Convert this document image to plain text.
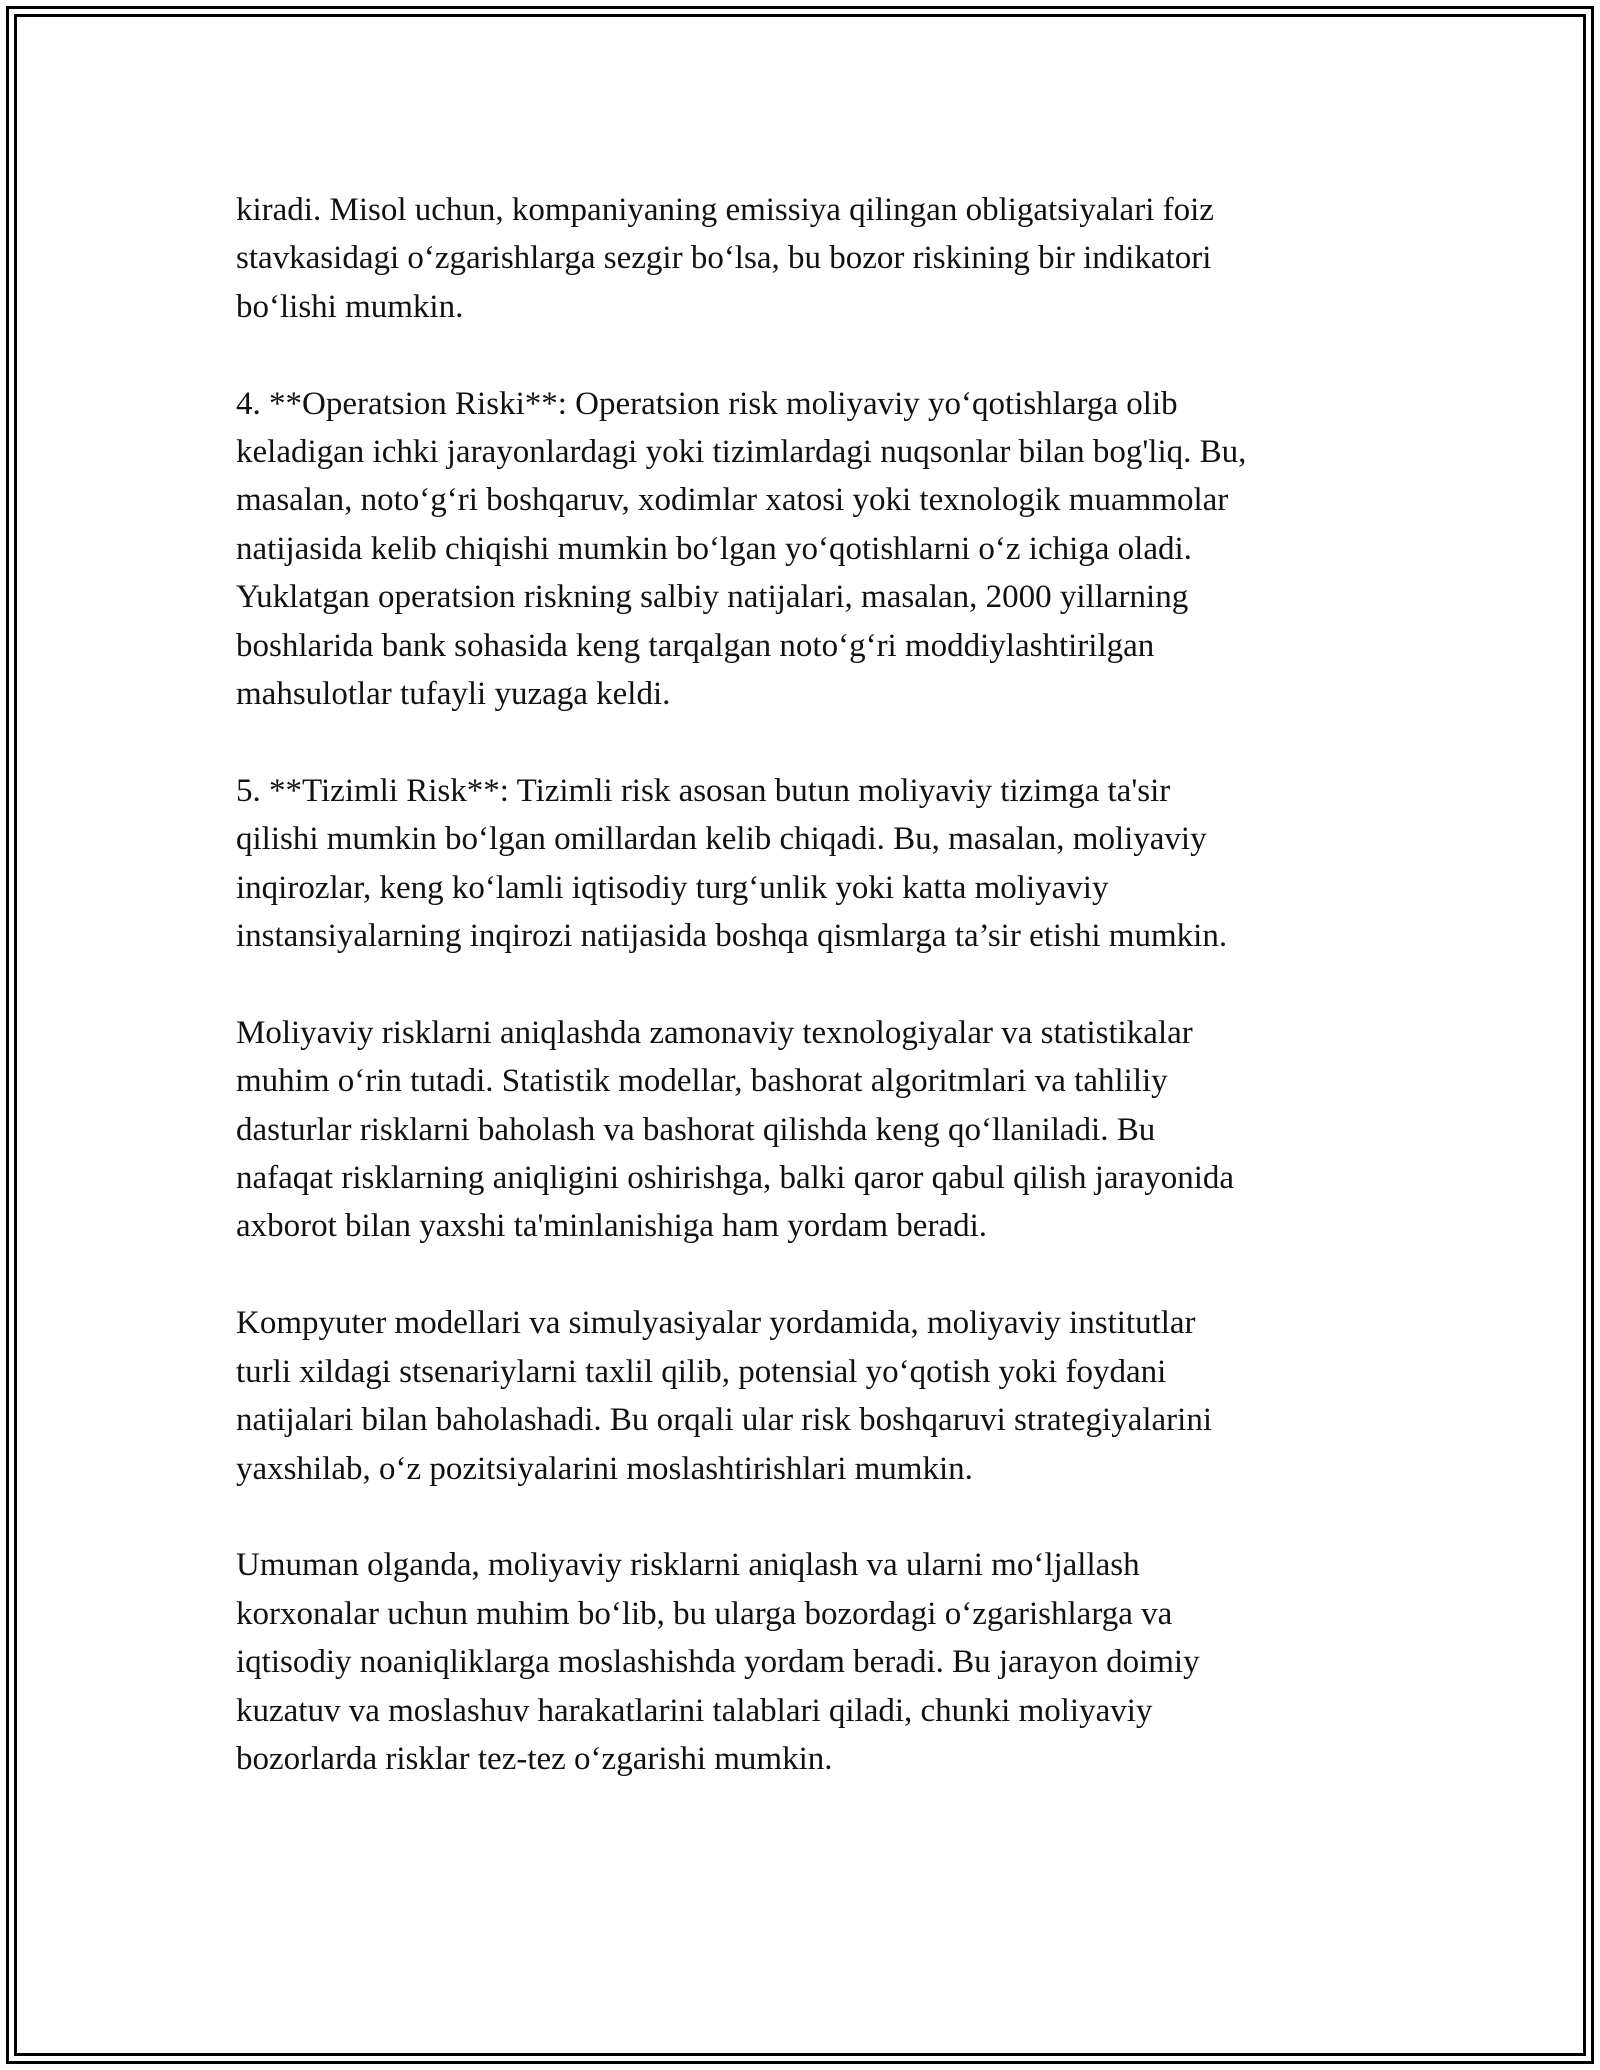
kiradi. Misol uchun, kompaniyaning emissiya qilingan obligatsiyalari foiz
stavkasidagi o‘zgarishlarga sezgir bo‘lsa, bu bozor riskining bir indikatori
bo‘lishi mumkin.

4. **Operatsion Riski**: Operatsion risk moliyaviy yo‘qotishlarga olib
keladigan ichki jarayonlardagi yoki tizimlardagi nuqsonlar bilan bog'liq. Bu,
masalan, noto‘g‘ri boshqaruv, xodimlar xatosi yoki texnologik muammolar
natijasida kelib chiqishi mumkin bo‘lgan yo‘qotishlarni o‘z ichiga oladi.
Yuklatgan operatsion riskning salbiy natijalari, masalan, 2000 yillarning
boshlarida bank sohasida keng tarqalgan noto‘g‘ri moddiylashtirilgan
mahsulotlar tufayli yuzaga keldi.

5. **Tizimli Risk**: Tizimli risk asosan butun moliyaviy tizimga ta'sir
qilishi mumkin bo‘lgan omillardan kelib chiqadi. Bu, masalan, moliyaviy
inqirozlar, keng ko‘lamli iqtisodiy turg‘unlik yoki katta moliyaviy
instansiyalarning inqirozi natijasida boshqa qismlarga ta’sir etishi mumkin.

Moliyaviy risklarni aniqlashda zamonaviy texnologiyalar va statistikalar
muhim o‘rin tutadi. Statistik modellar, bashorat algoritmlari va tahliliy
dasturlar risklarni baholash va bashorat qilishda keng qo‘llaniladi. Bu
nafaqat risklarning aniqligini oshirishga, balki qaror qabul qilish jarayonida
axborot bilan yaxshi ta'minlanishiga ham yordam beradi.

Kompyuter modellari va simulyasiyalar yordamida, moliyaviy institutlar
turli xildagi stsenariylarni taxlil qilib, potensial yo‘qotish yoki foydani
natijalari bilan baholashadi. Bu orqali ular risk boshqaruvi strategiyalarini
yaxshilab, o‘z pozitsiyalarini moslashtirishlari mumkin.

Umuman olganda, moliyaviy risklarni aniqlash va ularni mo‘ljallash
korxonalar uchun muhim bo‘lib, bu ularga bozordagi o‘zgarishlarga va
iqtisodiy noaniqliklarga moslashishda yordam beradi. Bu jarayon doimiy
kuzatuv va moslashuv harakatlarini talablari qiladi, chunki moliyaviy
bozorlarda risklar tez-tez o‘zgarishi mumkin.
